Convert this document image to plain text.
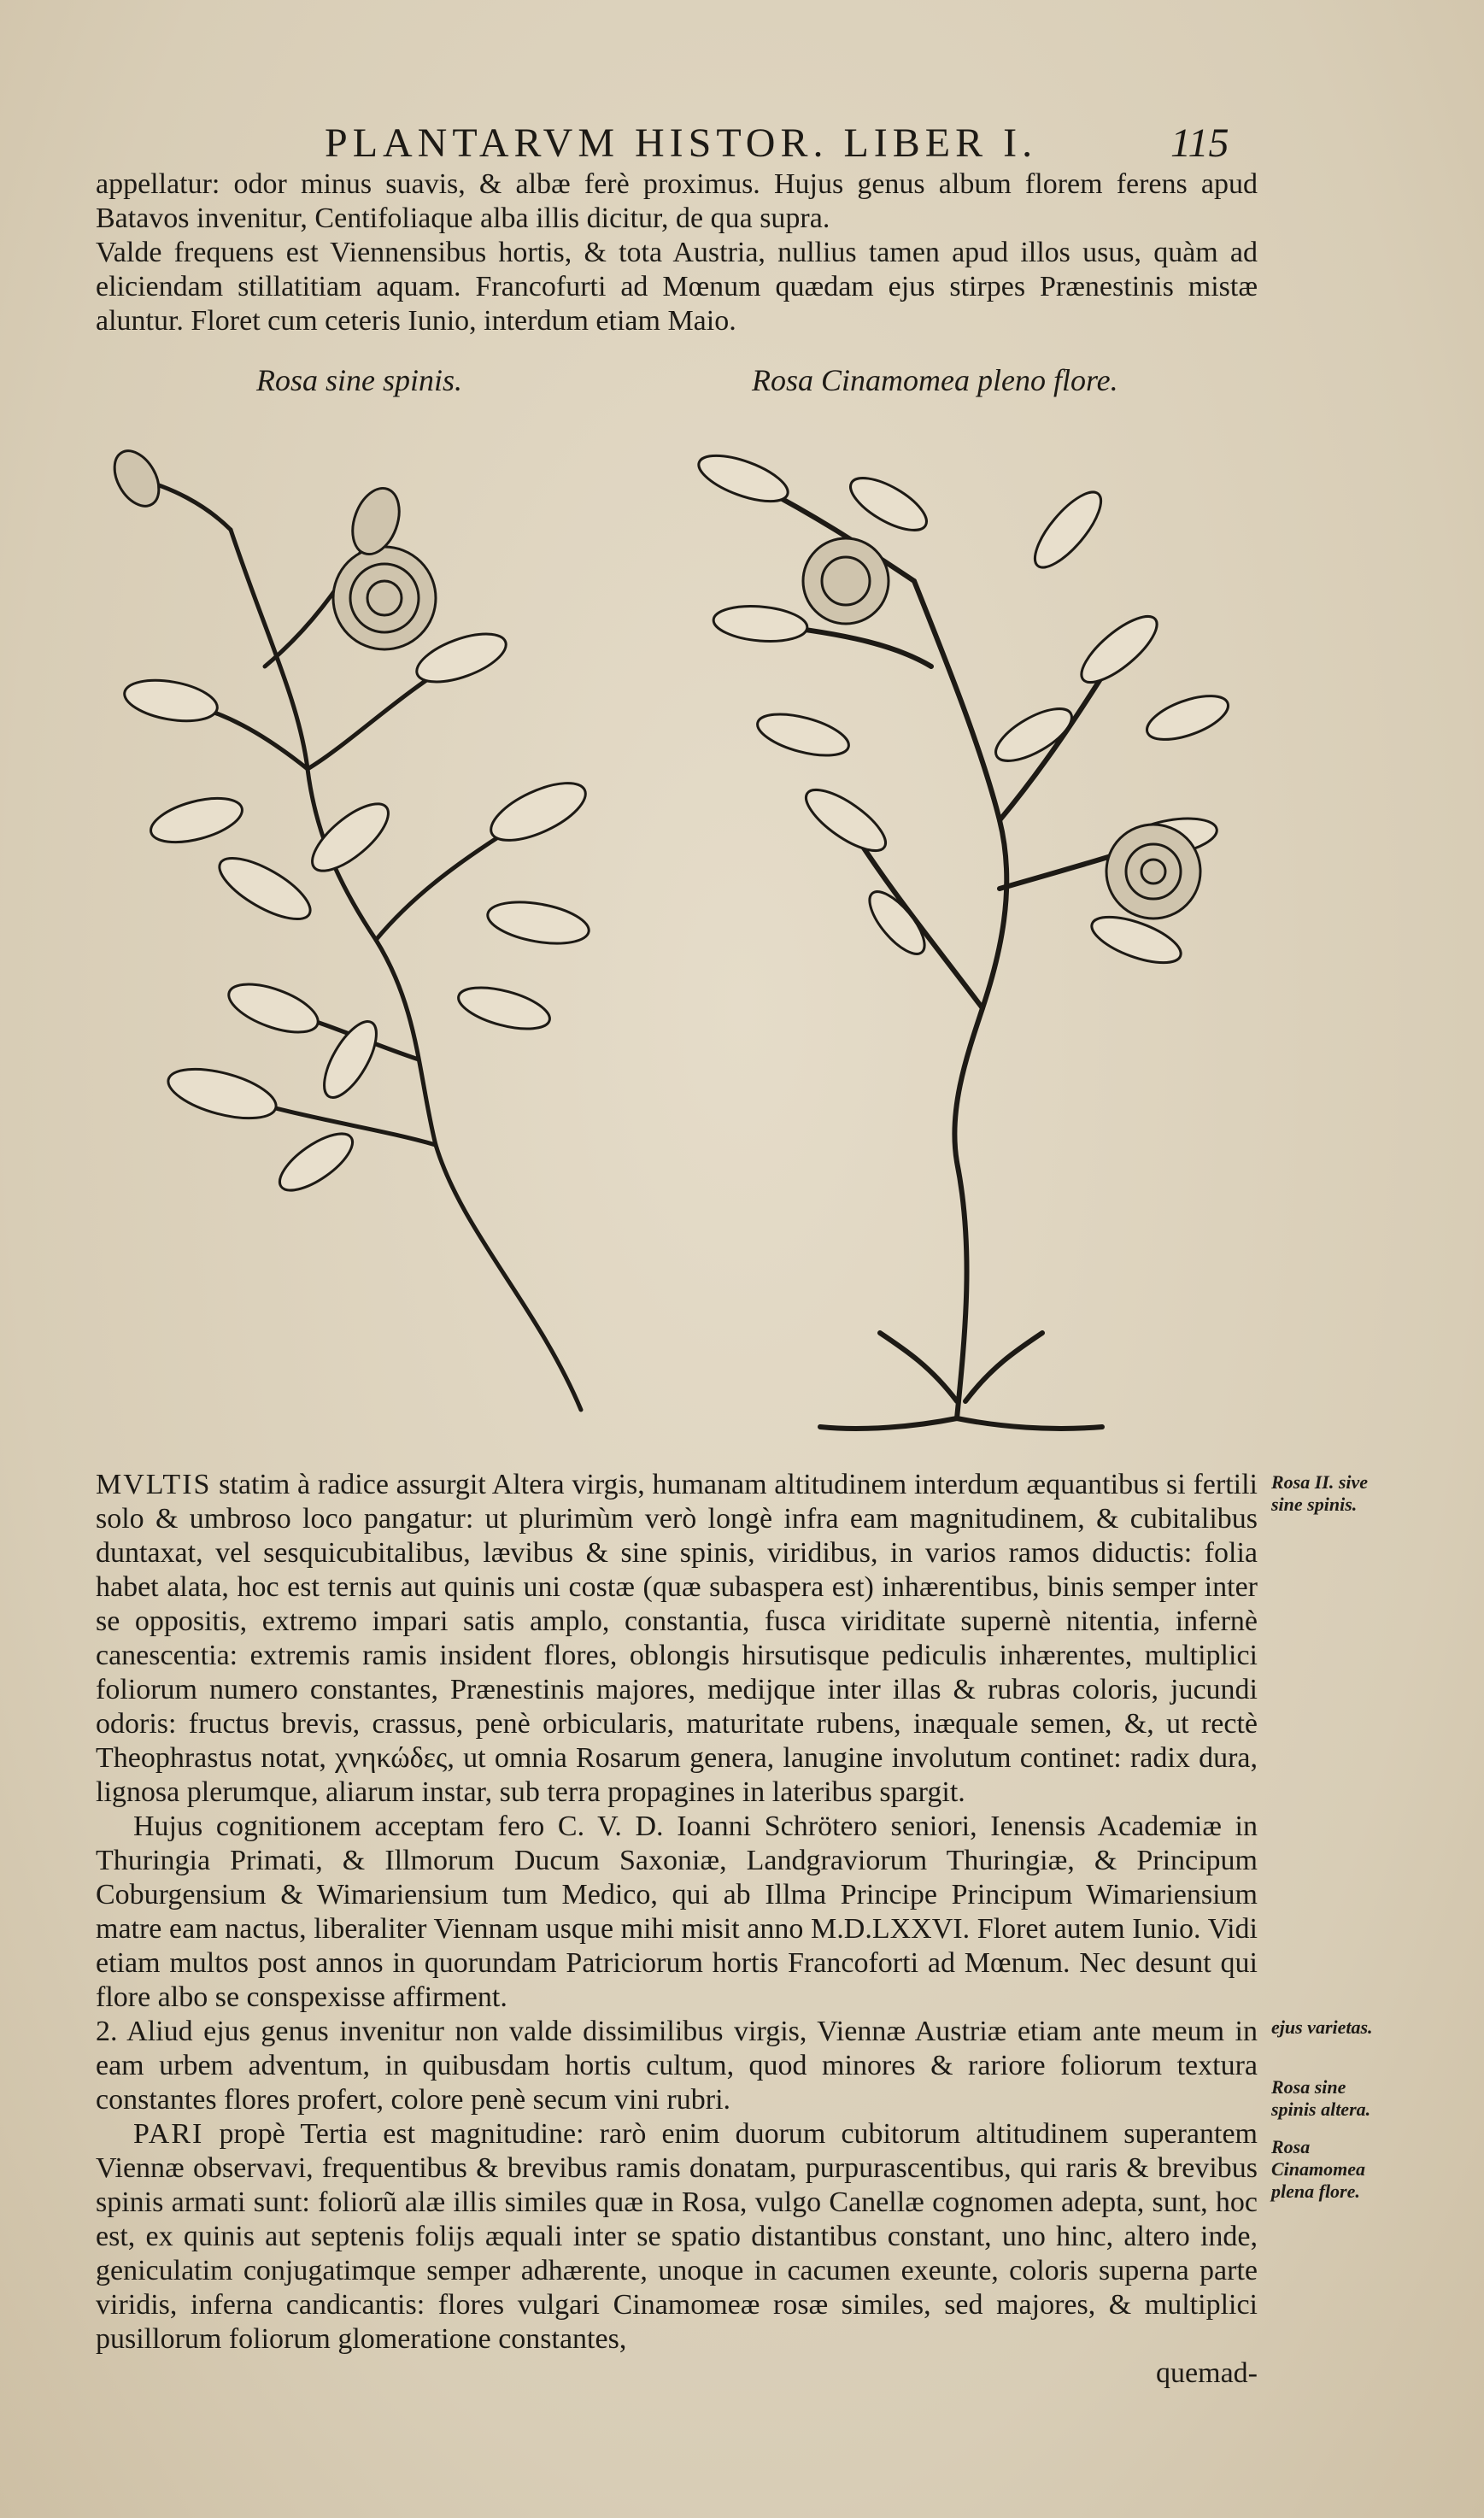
PLANTARVM HISTOR. LIBER I.	115

appellatur: odor minus suavis, & albæ ferè proximus. Hujus genus album florem ferens apud Batavos invenitur, Centifoliaque alba illis dicitur, de qua supra.

Valde frequens est Viennensibus hortis, & tota Austria, nullius tamen apud illos usus, quàm ad eliciendam stillatitiam aquam. Francofurti ad Mœnum quædam ejus stirpes Prænestinis mistæ aluntur. Floret cum ceteris Iunio, interdum etiam Maio.

Rosa sine spinis.	Rosa Cinamomea pleno flore.

MVLTIS statim à radice assurgit Altera virgis, humanam altitudinem interdum æquantibus si fertili solo & umbroso loco pangatur: ut plurimùm verò longè infra eam magnitudinem, & cubitalibus duntaxat, vel sesquicubitalibus, lævibus & sine spinis, viridibus, in varios ramos diductis: folia habet alata, hoc est ternis aut quinis uni costæ (quæ subaspera est) inhærentibus, binis semper inter se oppositis, extremo impari satis amplo, constantia, fusca viriditate supernè nitentia, infernè canescentia: extremis ramis insident flores, oblongis hirsutisque pediculis inhærentes, multiplici foliorum numero constantes, Prænestinis majores, medijque inter illas & rubras coloris, jucundi odoris: fructus brevis, crassus, penè orbicularis, maturitate rubens, inæquale semen, &, ut rectè Theophrastus notat, χνηκώδες, ut omnia Rosarum genera, lanugine involutum continet: radix dura, lignosa plerumque, aliarum instar, sub terra propagines in lateribus spargit.

Hujus cognitionem acceptam fero C. V. D. Ioanni Schrötero seniori, Ienensis Academiæ in Thuringia Primati, & Illmorum Ducum Saxoniæ, Landgraviorum Thuringiæ, & Principum Coburgensium & Wimariensium tum Medico, qui ab Illma Principe Principum Wimariensium matre eam nactus, liberaliter Viennam usque mihi misit anno M.D.LXXVI. Floret autem Iunio. Vidi etiam multos post annos in quorundam Patriciorum hortis Francoforti ad Mœnum. Nec desunt qui flore albo se conspexisse affirment.

2. Aliud ejus genus invenitur non valde dissimilibus virgis, Viennæ Austriæ etiam ante meum in eam urbem adventum, in quibusdam hortis cultum, quod minores & rariore foliorum textura constantes flores profert, colore penè secum vini rubri.

PARI propè Tertia est magnitudine: rarò enim duorum cubitorum altitudinem superantem Viennæ observavi, frequentibus & brevibus ramis donatam, purpurascentibus, qui raris & brevibus spinis armati sunt: foliorũ alæ illis similes quæ in Rosa, vulgo Canellæ cognomen adepta, sunt, hoc est, ex quinis aut septenis folijs æquali inter se spatio distantibus constant, uno hinc, altero inde, geniculatim conjugatimque semper adhærente, unoque in cacumen exeunte, coloris superna parte viridis, inferna candicantis: flores vulgari Cinamomeæ rosæ similes, sed majores, & multiplici pusillorum foliorum glomeratione constantes,

quemad-

Rosa II. sive sine spinis.
ejus varietas.
Rosa sine spinis altera.
Rosa Cinamomea plena flore.
